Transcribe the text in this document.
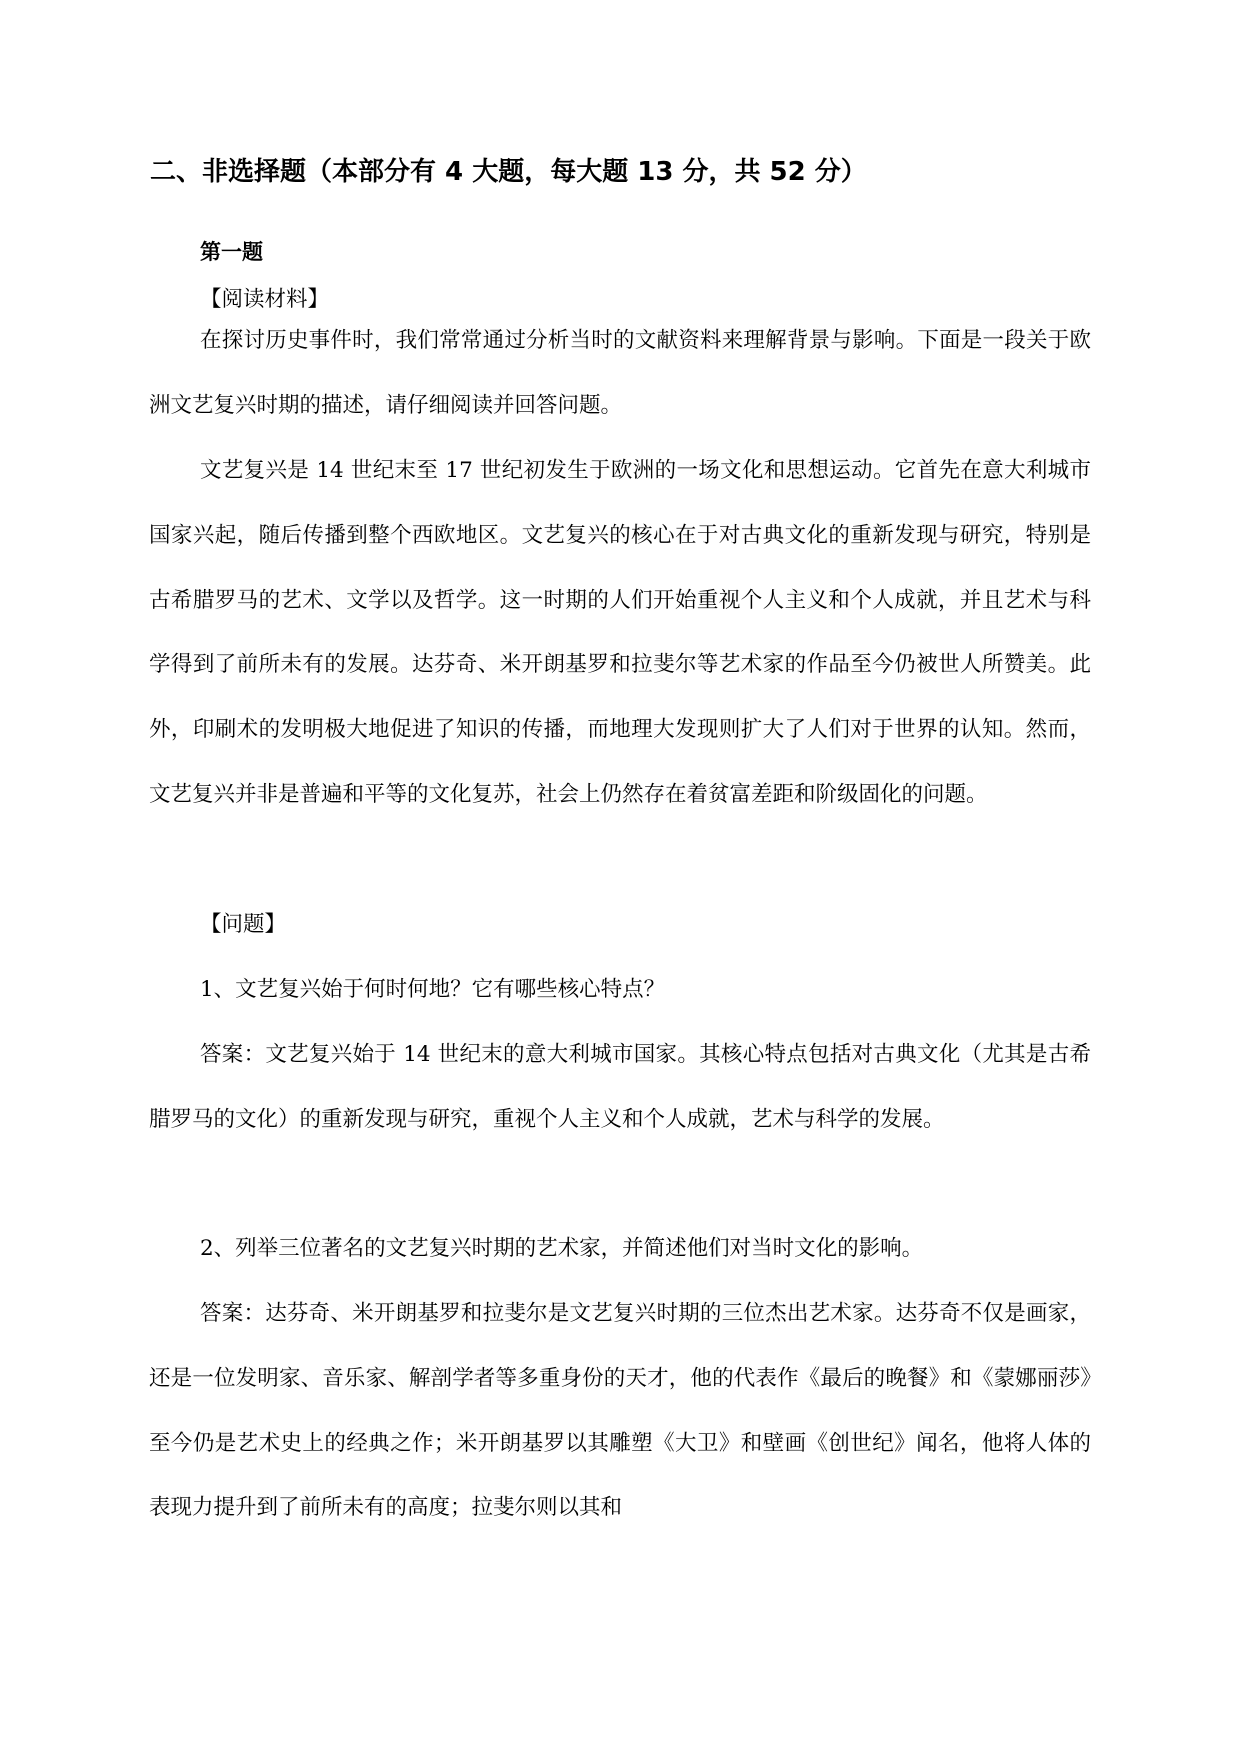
二、非选择题（本部分有 4 大题，每大题 13 分，共 52 分）
第一题

【阅读材料】

在探讨历史事件时，我们常常通过分析当时的文献资料来理解背景与影响。下面是一段关于欧洲文艺复兴时期的描述，请仔细阅读并回答问题。

文艺复兴是 14 世纪末至 17 世纪初发生于欧洲的一场文化和思想运动。它首先在意大利城市国家兴起，随后传播到整个西欧地区。文艺复兴的核心在于对古典文化的重新发现与研究，特别是古希腊罗马的艺术、文学以及哲学。这一时期的人们开始重视个人主义和个人成就，并且艺术与科学得到了前所未有的发展。达芬奇、米开朗基罗和拉斐尔等艺术家的作品至今仍被世人所赞美。此外，印刷术的发明极大地促进了知识的传播，而地理大发现则扩大了人们对于世界的认知。然而，文艺复兴并非是普遍和平等的文化复苏，社会上仍然存在着贫富差距和阶级固化的问题。

【问题】

1、文艺复兴始于何时何地？它有哪些核心特点？

答案：文艺复兴始于 14 世纪末的意大利城市国家。其核心特点包括对古典文化（尤其是古希腊罗马的文化）的重新发现与研究，重视个人主义和个人成就，艺术与科学的发展。

2、列举三位著名的文艺复兴时期的艺术家，并简述他们对当时文化的影响。

答案：达芬奇、米开朗基罗和拉斐尔是文艺复兴时期的三位杰出艺术家。达芬奇不仅是画家，还是一位发明家、音乐家、解剖学者等多重身份的天才，他的代表作《最后的晚餐》和《蒙娜丽莎》至今仍是艺术史上的经典之作；米开朗基罗以其雕塑《大卫》和壁画《创世纪》闻名，他将人体的表现力提升到了前所未有的高度；拉斐尔则以其和
